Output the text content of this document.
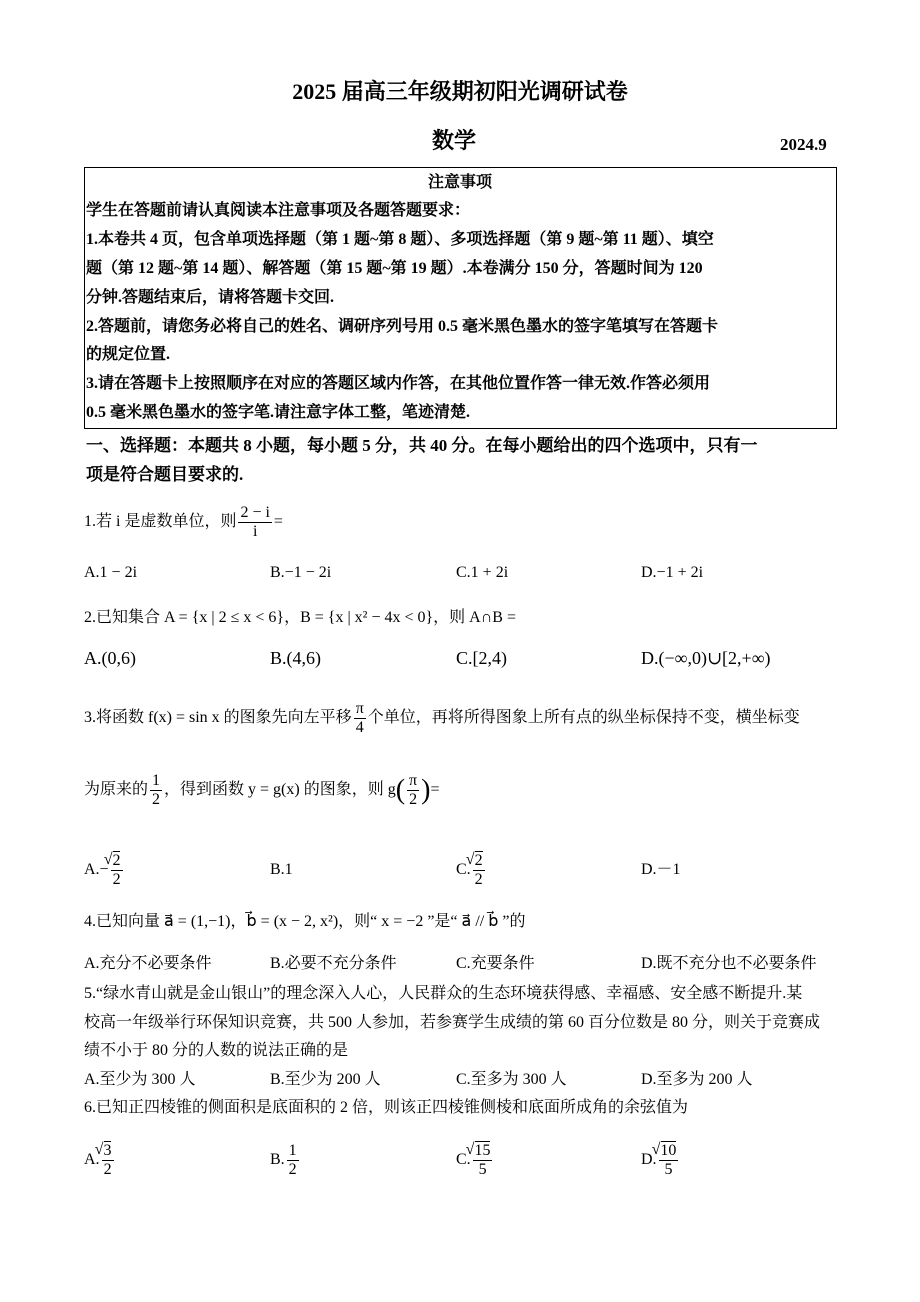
2025 届高三年级期初阳光调研试卷
数学	2024.9
注意事项
学生在答题前请认真阅读本注意事项及各题答题要求：
1.本卷共 4 页，包含单项选择题（第 1 题~第 8 题）、多项选择题（第 9 题~第 11 题）、填空
题（第 12 题~第 14 题）、解答题（第 15 题~第 19 题）.本卷满分 150 分，答题时间为 120
分钟.答题结束后，请将答题卡交回.
2.答题前，请您务必将自己的姓名、调研序列号用 0.5 毫米黑色墨水的签字笔填写在答题卡
的规定位置.
3.请在答题卡上按照顺序在对应的答题区域内作答，在其他位置作答一律无效.作答必须用
0.5 毫米黑色墨水的签字笔.请注意字体工整，笔迹清楚.
一、选择题：本题共 8 小题，每小题 5 分，共 40 分。在每小题给出的四个选项中，只有一
项是符合题目要求的.
1.若 i 是虚数单位，则 $\frac{2 - i}{i}$ =
A.1 − 2i	B.−1 − 2i	C.1 + 2i	D.−1 + 2i
2.已知集合 A = {x | 2 ≤ x < 6}，B = {x | x² − 4x < 0}，则 A∩B =
A.(0,6)	B.(4,6)	C.[2,4)	D.(−∞,0)∪[2,+∞)
3.将函数 f(x) = sin x 的图象先向左平移 $\frac{\pi}{4}$ 个单位，再将所得图象上所有点的纵坐标保持不变，横坐标变
为原来的 $\frac{1}{2}$ ，得到函数 y = g(x) 的图象，则 $g( \frac{\pi}{2}$ )=
A.− √ $\frac{2}{2}$	B.1	C. √ $\frac{2}{2}$	D.－1
4.已知向量 a⃗ = (1,−1)，b⃗ = (x − 2, x²)，则“ x = −2 ”是“ a⃗ // b⃗ ”的
A.充分不必要条件	B.必要不充分条件	C.充要条件	D.既不充分也不必要条件
5.“绿水青山就是金山银山”的理念深入人心，人民群众的生态环境获得感、幸福感、安全感不断提升.某
校高一年级举行环保知识竞赛，共 500 人参加，若参赛学生成绩的第 60 百分位数是 80 分，则关于竞赛成
绩不小于 80 分的人数的说法正确的是
A.至少为 300 人	B.至少为 200 人	C.至多为 300 人	D.至多为 200 人
6.已知正四棱锥的侧面积是底面积的 2 倍，则该正四棱锥侧棱和底面所成角的余弦值为
A. √ $\frac{3}{2}$	B. $\frac{1}{2}$	C. √ $\frac{15}{5}$	D. √ $\frac{10}{5}$
